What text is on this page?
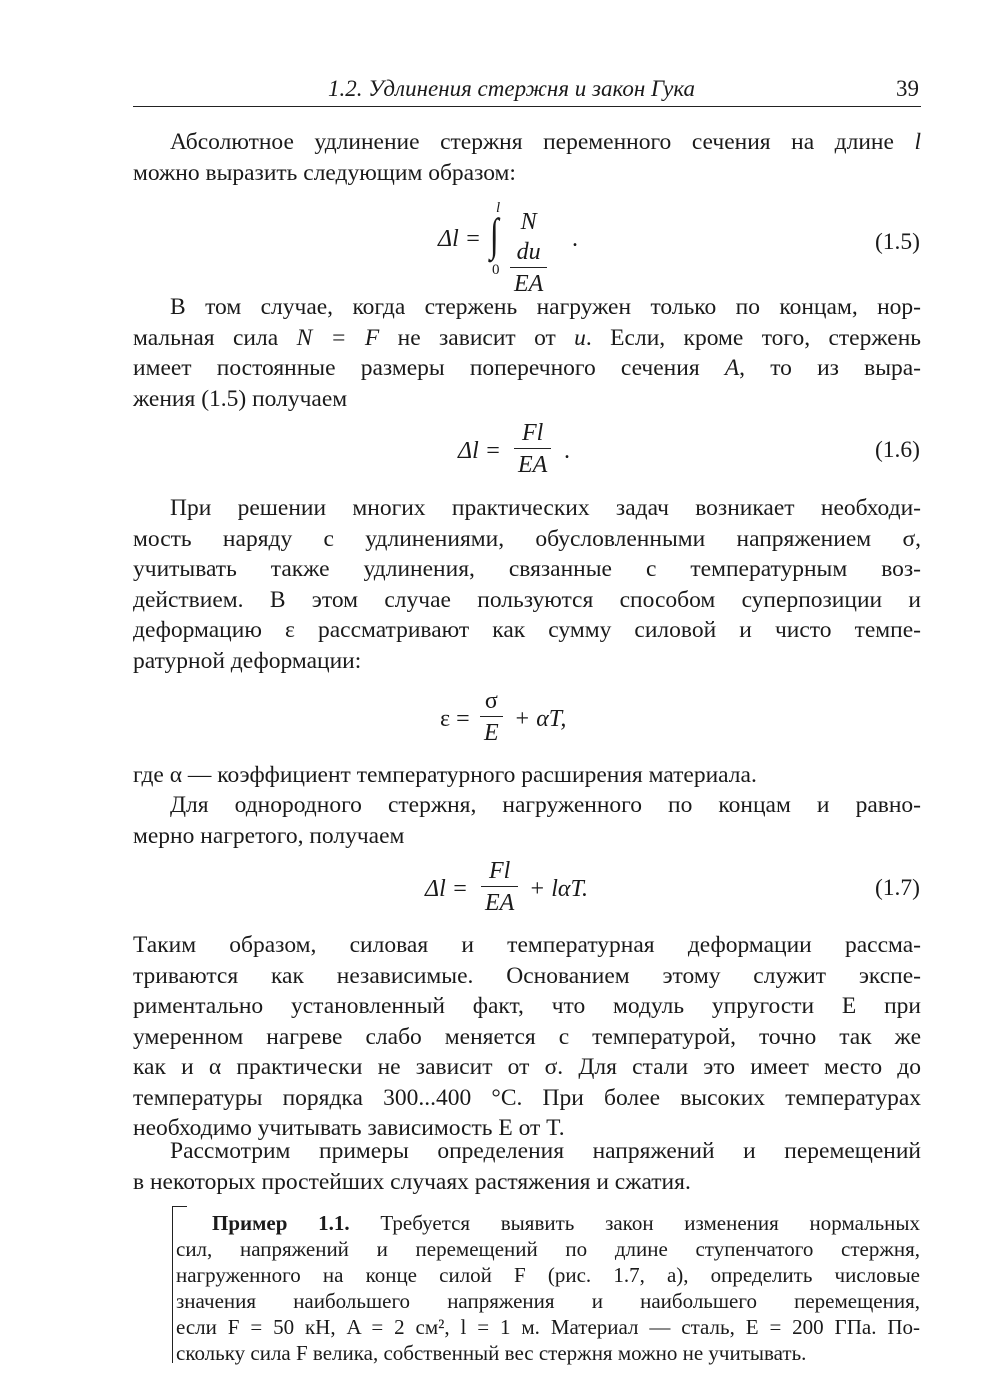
1.2. Удлинения стержня и закон Гука	39
Абсолютное удлинение стержня переменного сечения на длине l
можно выразить следующим образом:
Δl =
l
∫
$0 \frac{\text{N du}}{EA}$ .	(1.5)
В том случае, когда стержень нагружен только по концам, нор-
мальная сила N = F не зависит от u. Если, кроме того, стержень
имеет постоянные размеры поперечного сечения A, то из выра-
жения (1.5) получаем
$\Delta l = \frac{Fl}{EA}$ .	(1.6)
При решении многих практических задач возникает необходи-
мость наряду с удлинениями, обусловленными напряжением σ,
учитывать также удлинения, связанные с температурным воз-
действием. В этом случае пользуются способом суперпозиции и
деформацию ε рассматривают как сумму силовой и чисто темпе-
ратурной деформации:
$\varepsilon = \frac{\sigma}{E} + \alpha T$,
где α — коэффициент температурного расширения материала.
Для однородного стержня, нагруженного по концам и равно-
мерно нагретого, получаем
$\Delta l = \frac{Fl}{EA} + l\alpha T$.	(1.7)
Таким образом, силовая и температурная деформации рассма-
триваются как независимые. Основанием этому служит экспе-
риментально установленный факт, что модуль упругости E при
умеренном нагреве слабо меняется с температурой, точно так же
как и α практически не зависит от σ. Для стали это имеет место до
температуры порядка 300...400 °C. При более высоких температурах
необходимо учитывать зависимость E от T.
Рассмотрим примеры определения напряжений и перемещений
в некоторых простейших случаях растяжения и сжатия.
Пример 1.1. Требуется выявить закон изменения нормальных
сил, напряжений и перемещений по длине ступенчатого стержня,
нагруженного на конце силой F (рис. 1.7, а), определить числовые
значения наибольшего напряжения и наибольшего перемещения,
если F = 50 кН, A = 2 см², l = 1 м. Материал — сталь, E = 200 ГПа. По-
скольку сила F велика, собственный вес стержня можно не учитывать.
